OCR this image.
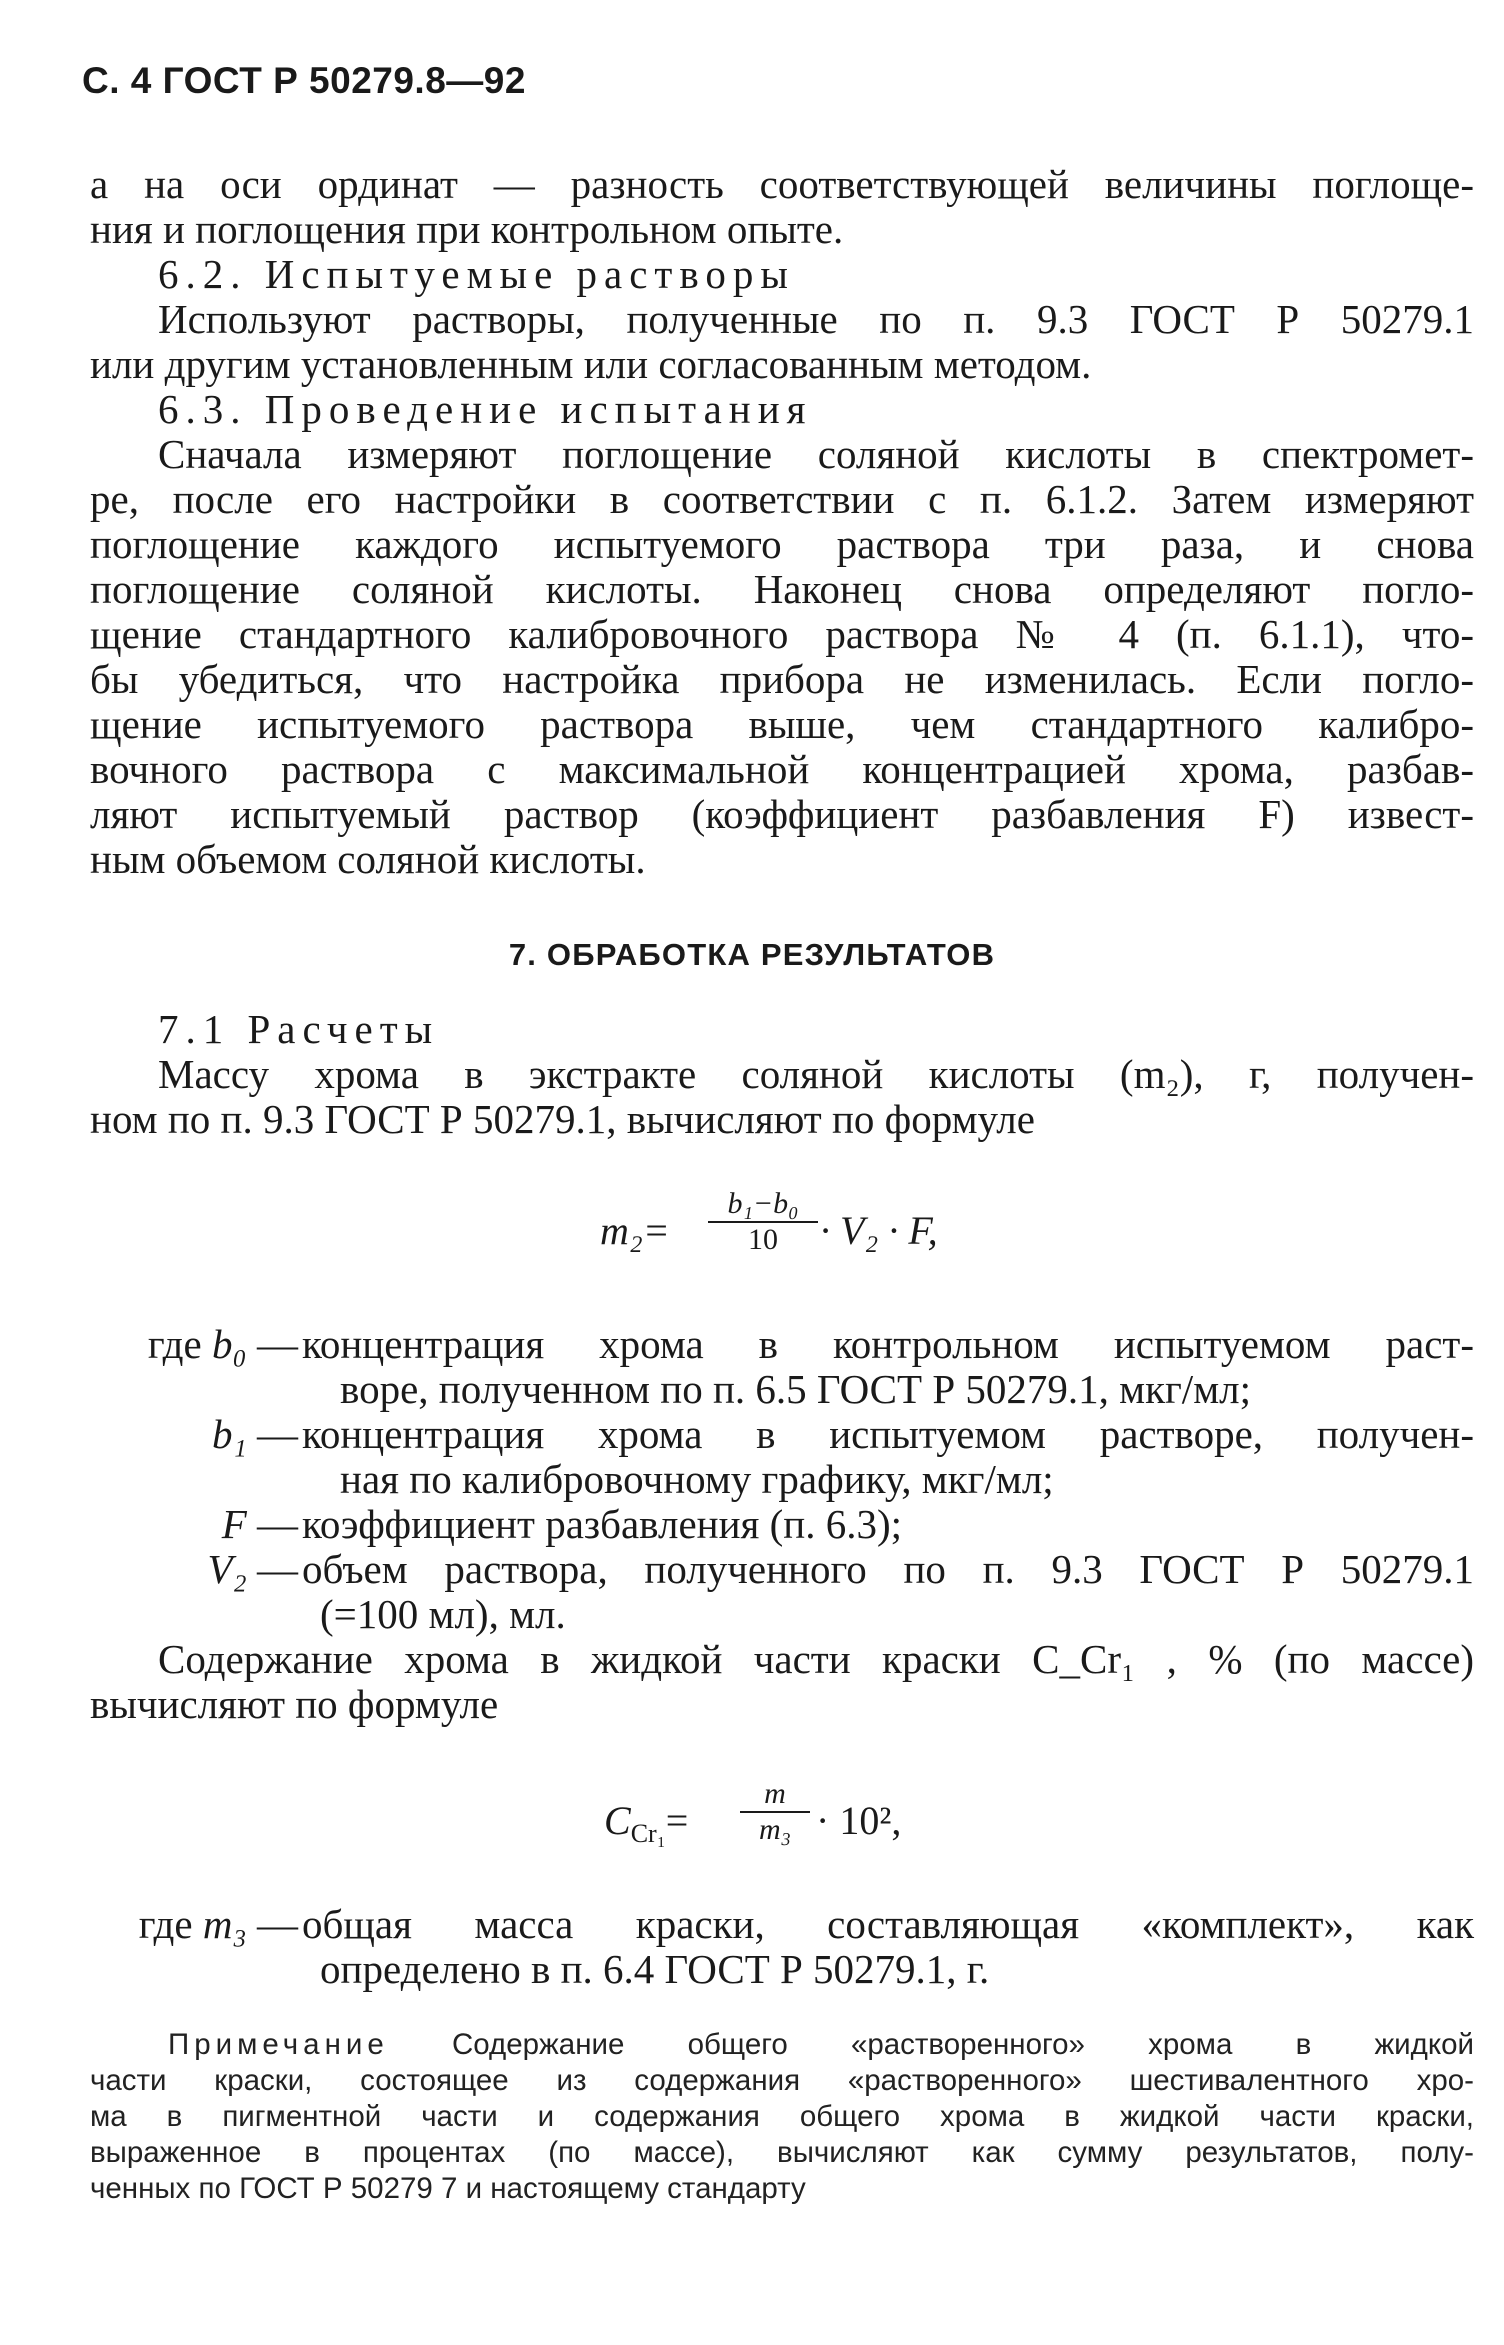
С. 4 ГОСТ Р 50279.8—92
а на оси ординат — разность соответствующей величины поглоще-
ния и поглощения при контрольном опыте.
6.2. Испытуемые растворы
Используют растворы, полученные по п. 9.3 ГОСТ Р 50279.1
или другим установленным или согласованным методом.
6.3. Проведение испытания
Сначала измеряют поглощение соляной кислоты в спектромет-
ре, после его настройки в соответствии с п. 6.1.2. Затем измеряют
поглощение каждого испытуемого раствора три раза, и снова
поглощение соляной кислоты. Наконец снова определяют погло-
щение стандартного калибровочного раствора № 4 (п. 6.1.1), что-
бы убедиться, что настройка прибора не изменилась. Если погло-
щение испытуемого раствора выше, чем стандартного калибро-
вочного раствора с максимальной концентрацией хрома, разбав-
ляют испытуемый раствор (коэффициент разбавления F) извест-
ным объемом соляной кислоты.
7. ОБРАБОТКА РЕЗУЛЬТАТОВ
7.1 Расчеты
Массу хрома в экстракте соляной кислоты (m₂), г, получен-
ном по п. 9.3 ГОСТ Р 50279.1, вычисляют по формуле
m₂=
b₁−b₀
10	· V₂ · F,
где b₀ — концентрация хрома в контрольном испытуемом раст-
воре, полученном по п. 6.5 ГОСТ Р 50279.1, мкг/мл;
b₁ — концентрация хрома в испытуемом растворе, получен-
ная по калибровочному графику, мкг/мл;
F — коэффициент разбавления (п. 6.3);
V₂ — объем раствора, полученного по п. 9.3 ГОСТ Р 50279.1
(=100 мл), мл.
Содержание хрома в жидкой части краски C_Cr₁ , % (по массе)
вычисляют по формуле
$C_{Cr_1}=$
m
m₃ · 10²,
где m₃ — общая масса краски, составляющая «комплект», как
определено в п. 6.4 ГОСТ Р 50279.1, г.
Примечание Содержание общего «растворенного» хрома в жидкой
части краски, состоящее из содержания «растворенного» шестивалентного хро-
ма в пигментной части и содержания общего хрома в жидкой части краски,
выраженное в процентах (по массе), вычисляют как сумму результатов, полу-
ченных по ГОСТ Р 50279 7 и настоящему стандарту
